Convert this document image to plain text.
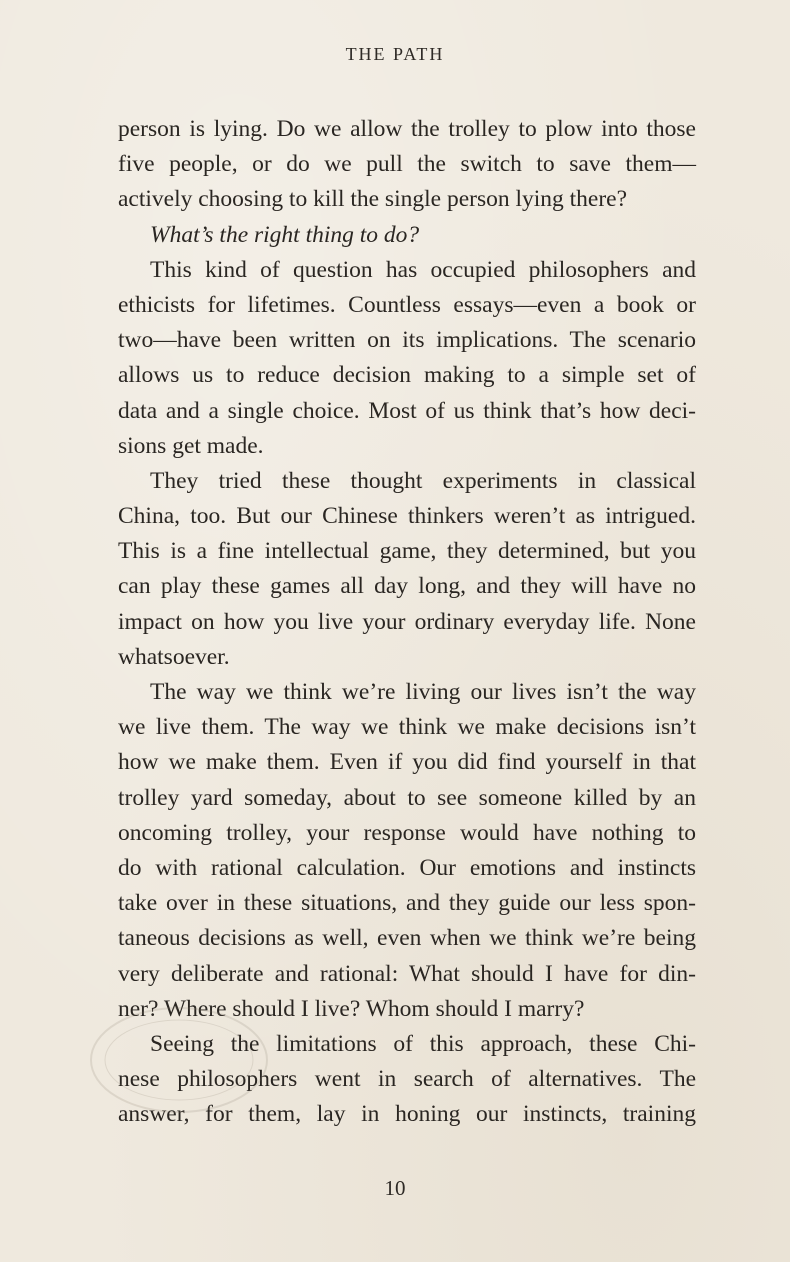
THE PATH
person is lying. Do we allow the trolley to plow into those
five people, or do we pull the switch to save them—
actively choosing to kill the single person lying there?
What’s the right thing to do?
This kind of question has occupied philosophers and
ethicists for lifetimes. Countless essays—even a book or
two—have been written on its implications. The scenario
allows us to reduce decision making to a simple set of
data and a single choice. Most of us think that’s how deci-
sions get made.
They tried these thought experiments in classical
China, too. But our Chinese thinkers weren’t as intrigued.
This is a fine intellectual game, they determined, but you
can play these games all day long, and they will have no
impact on how you live your ordinary everyday life. None
whatsoever.
The way we think we’re living our lives isn’t the way
we live them. The way we think we make decisions isn’t
how we make them. Even if you did find yourself in that
trolley yard someday, about to see someone killed by an
oncoming trolley, your response would have nothing to
do with rational calculation. Our emotions and instincts
take over in these situations, and they guide our less spon-
taneous decisions as well, even when we think we’re being
very deliberate and rational: What should I have for din-
ner? Where should I live? Whom should I marry?
Seeing the limitations of this approach, these Chi-
nese philosophers went in search of alternatives. The
answer, for them, lay in honing our instincts, training
10
